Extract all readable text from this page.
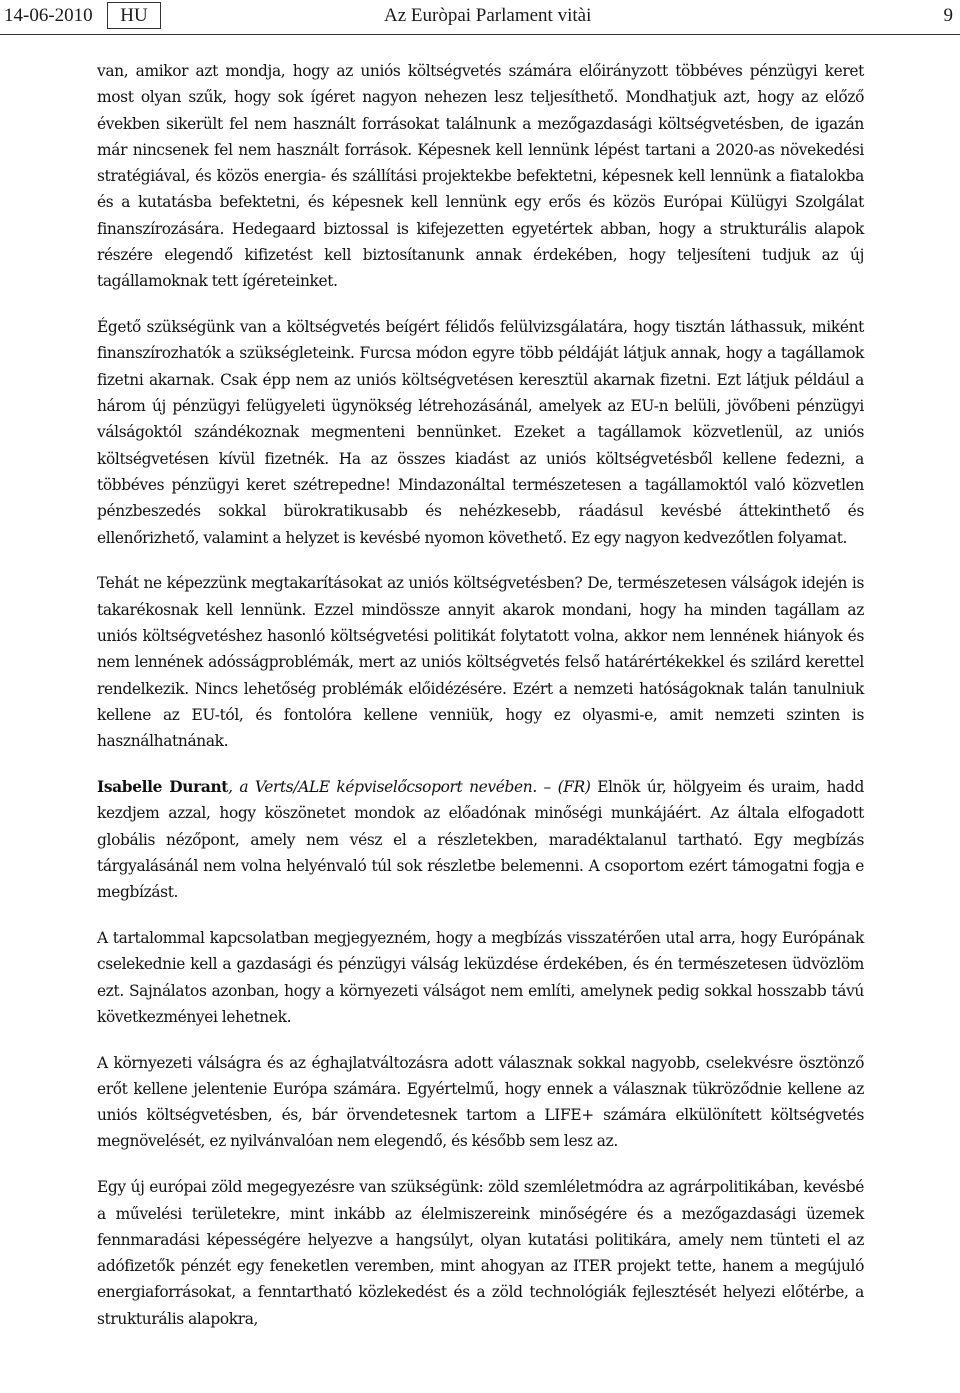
14-06-2010	HU	Az Euròpai Parlament vitài	9

van, amikor azt mondja, hogy az uniós költségvetés számára előirányzott többéves pénzügyi keret most olyan szűk, hogy sok ígéret nagyon nehezen lesz teljesíthető. Mondhatjuk azt, hogy az előző években sikerült fel nem használt forrásokat találnunk a mezőgazdasági költségvetésben, de igazán már nincsenek fel nem használt források. Képesnek kell lennünk lépést tartani a 2020-as növekedési stratégiával, és közös energia- és szállítási projektekbe befektetni, képesnek kell lennünk a fiatalokba és a kutatásba befektetni, és képesnek kell lennünk egy erős és közös Európai Külügyi Szolgálat finanszírozására. Hedegaard biztossal is kifejezetten egyetértek abban, hogy a strukturális alapok részére elegendő kifizetést kell biztosítanunk annak érdekében, hogy teljesíteni tudjuk az új tagállamoknak tett ígéreteinket.

Égető szükségünk van a költségvetés beígért félidős felülvizsgálatára, hogy tisztán láthassuk, miként finanszírozhatók a szükségleteink. Furcsa módon egyre több példáját látjuk annak, hogy a tagállamok fizetni akarnak. Csak épp nem az uniós költségvetésen keresztül akarnak fizetni. Ezt látjuk például a három új pénzügyi felügyeleti ügynökség létrehozásánál, amelyek az EU-n belüli, jövőbeni pénzügyi válságoktól szándékoznak megmenteni bennünket. Ezeket a tagállamok közvetlenül, az uniós költségvetésen kívül fizetnék. Ha az összes kiadást az uniós költségvetésből kellene fedezni, a többéves pénzügyi keret szétrepedne! Mindazonáltal természetesen a tagállamoktól való közvetlen pénzbeszedés sokkal bürokratikusabb és nehézkesebb, ráadásul kevésbé áttekinthető és ellenőrizhető, valamint a helyzet is kevésbé nyomon követhető. Ez egy nagyon kedvezőtlen folyamat.

Tehát ne képezzünk megtakarításokat az uniós költségvetésben? De, természetesen válságok idején is takarékosnak kell lennünk. Ezzel mindössze annyit akarok mondani, hogy ha minden tagállam az uniós költségvetéshez hasonló költségvetési politikát folytatott volna, akkor nem lennének hiányok és nem lennének adósságproblémák, mert az uniós költségvetés felső határértékekkel és szilárd kerettel rendelkezik. Nincs lehetőség problémák előidézésére. Ezért a nemzeti hatóságoknak talán tanulniuk kellene az EU-tól, és fontolóra kellene venniük, hogy ez olyasmi-e, amit nemzeti szinten is használhatnának.

Isabelle Durant, a Verts/ALE képviselőcsoport nevében. – (FR) Elnök úr, hölgyeim és uraim, hadd kezdjem azzal, hogy köszönetet mondok az előadónak minőségi munkájáért. Az általa elfogadott globális nézőpont, amely nem vész el a részletekben, maradéktalanul tartható. Egy megbízás tárgyalásánál nem volna helyénvaló túl sok részletbe belemenni. A csoportom ezért támogatni fogja e megbízást.

A tartalommal kapcsolatban megjegyezném, hogy a megbízás visszatérően utal arra, hogy Európának cselekednie kell a gazdasági és pénzügyi válság leküzdése érdekében, és én természetesen üdvözlöm ezt. Sajnálatos azonban, hogy a környezeti válságot nem említi, amelynek pedig sokkal hosszabb távú következményei lehetnek.

A környezeti válságra és az éghajlatváltozásra adott válasznak sokkal nagyobb, cselekvésre ösztönző erőt kellene jelentenie Európa számára. Egyértelmű, hogy ennek a válasznak tükröződnie kellene az uniós költségvetésben, és, bár örvendetesnek tartom a LIFE+ számára elkülönített költségvetés megnövelését, ez nyilvánvalóan nem elegendő, és később sem lesz az.

Egy új európai zöld megegyezésre van szükségünk: zöld szemléletmódra az agrárpolitikában, kevésbé a művelési területekre, mint inkább az élelmiszereink minőségére és a mezőgazdasági üzemek fennmaradási képességére helyezve a hangsúlyt, olyan kutatási politikára, amely nem tünteti el az adófizetők pénzét egy feneketlen veremben, mint ahogyan az ITER projekt tette, hanem a megújuló energiaforrásokat, a fenntartható közlekedést és a zöld technológiák fejlesztését helyezi előtérbe, a strukturális alapokra,
